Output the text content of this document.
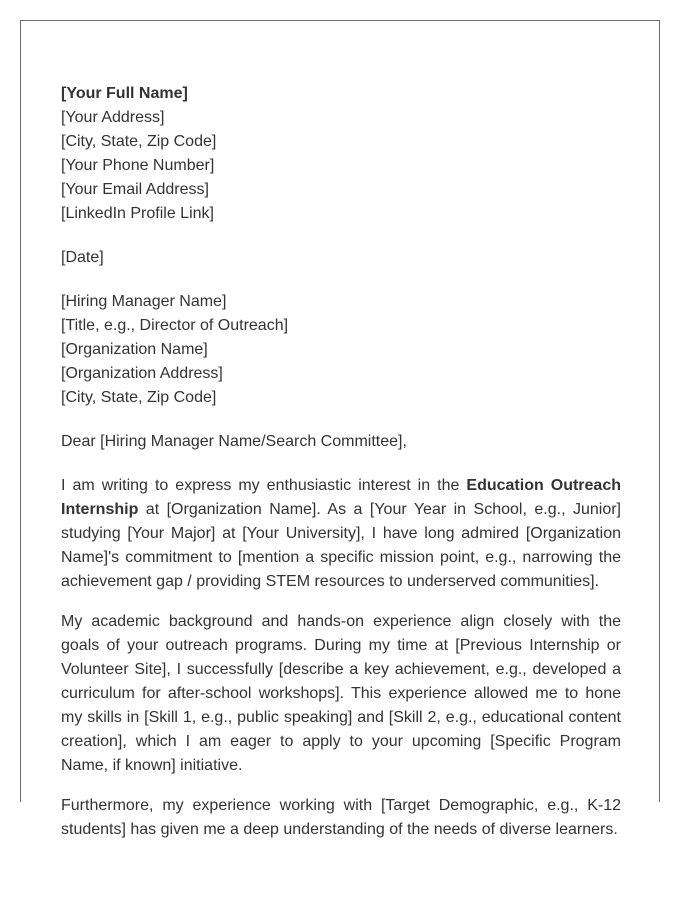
[Your Full Name]
[Your Address]
[City, State, Zip Code]
[Your Phone Number]
[Your Email Address]
[LinkedIn Profile Link]
[Date]
[Hiring Manager Name]
[Title, e.g., Director of Outreach]
[Organization Name]
[Organization Address]
[City, State, Zip Code]
Dear [Hiring Manager Name/Search Committee],

I am writing to express my enthusiastic interest in the Education Outreach Internship at [Organization Name]. As a [Your Year in School, e.g., Junior] studying [Your Major] at [Your University], I have long admired [Organization Name]'s commitment to [mention a specific mission point, e.g., narrowing the achievement gap / providing STEM resources to underserved communities].

My academic background and hands-on experience align closely with the goals of your outreach programs. During my time at [Previous Internship or Volunteer Site], I successfully [describe a key achievement, e.g., developed a curriculum for after-school workshops]. This experience allowed me to hone my skills in [Skill 1, e.g., public speaking] and [Skill 2, e.g., educational content creation], which I am eager to apply to your upcoming [Specific Program Name, if known] initiative.

Furthermore, my experience working with [Target Demographic, e.g., K-12 students] has given me a deep understanding of the needs of diverse learners.
